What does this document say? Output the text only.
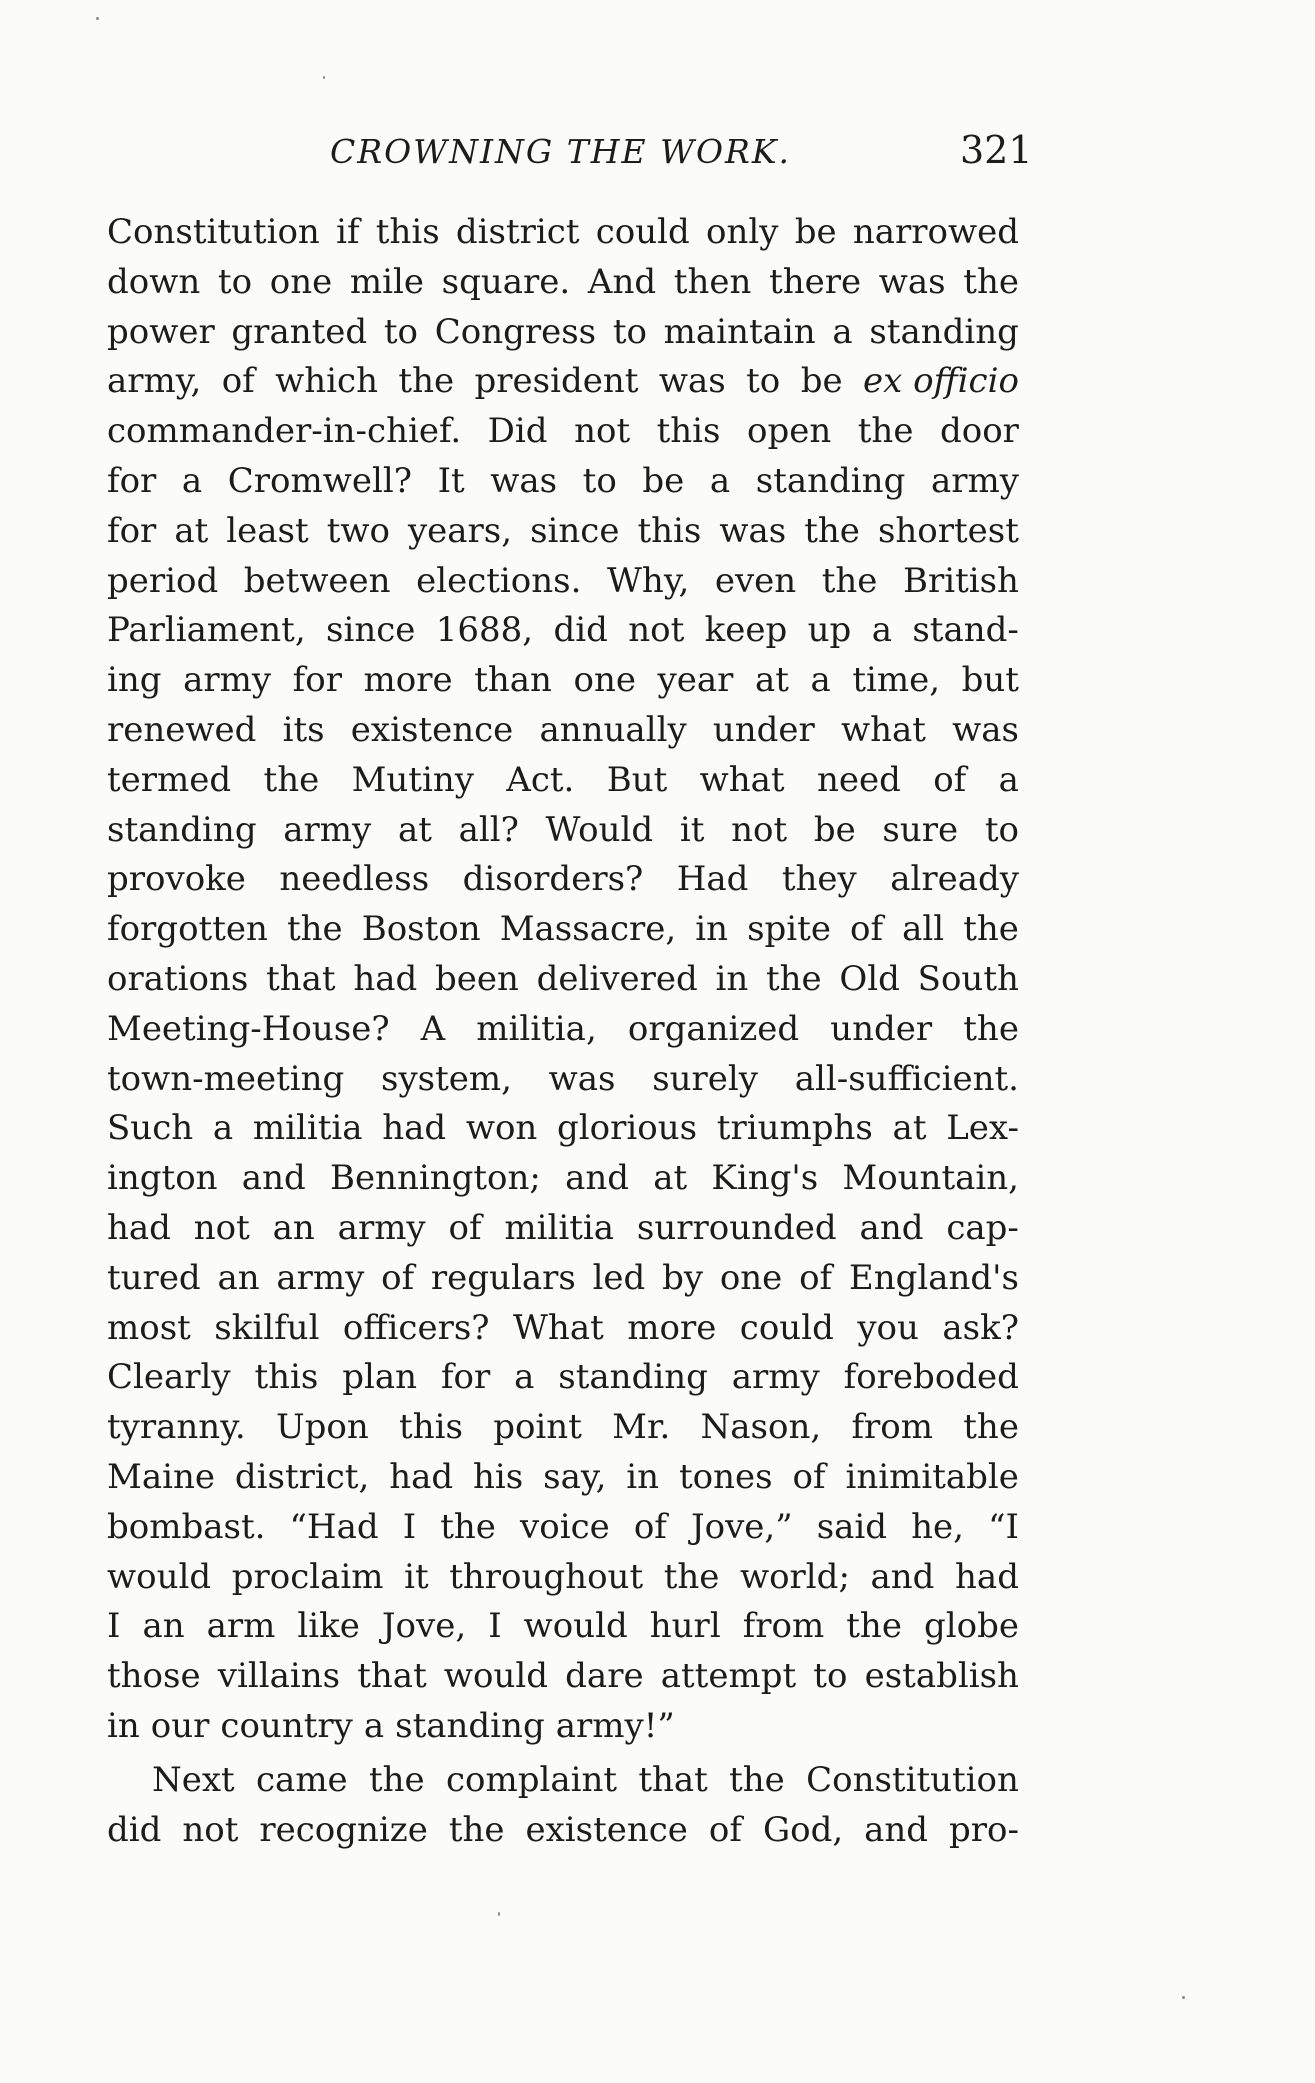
CROWNING THE WORK.	321
Constitution if this district could only be narrowed
down to one mile square. And then there was the
power granted to Congress to maintain a standing
army, of which the president was to be ex officio
commander-in-chief. Did not this open the door
for a Cromwell? It was to be a standing army
for at least two years, since this was the shortest
period between elections. Why, even the British
Parliament, since 1688, did not keep up a stand-
ing army for more than one year at a time, but
renewed its existence annually under what was
termed the Mutiny Act. But what need of a
standing army at all? Would it not be sure to
provoke needless disorders? Had they already
forgotten the Boston Massacre, in spite of all the
orations that had been delivered in the Old South
Meeting-House? A militia, organized under the
town-meeting system, was surely all-sufficient.
Such a militia had won glorious triumphs at Lex-
ington and Bennington; and at King's Mountain,
had not an army of militia surrounded and cap-
tured an army of regulars led by one of England's
most skilful officers? What more could you ask?
Clearly this plan for a standing army foreboded
tyranny. Upon this point Mr. Nason, from the
Maine district, had his say, in tones of inimitable
bombast. “Had I the voice of Jove,” said he, “I
would proclaim it throughout the world; and had
I an arm like Jove, I would hurl from the globe
those villains that would dare attempt to establish
in our country a standing army!”
Next came the complaint that the Constitution
did not recognize the existence of God, and pro-
